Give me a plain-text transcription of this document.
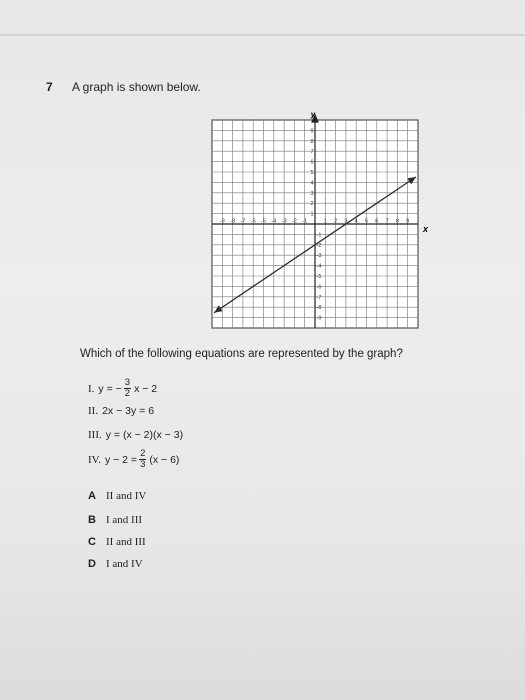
7 A graph is shown below.
-9 -8 -7 -6 -5 -4 -3 -2 -1	1 2 3 4 5 6 7 8 9
9
8
7
6
5
4
3
2
1
-1
-2
-3
-4
-5
-6
-7
-8
-9
y
x
Which of the following equations are represented by the graph?
I. y = − $\frac{3}{2}$ x − 2
II. 2x − 3y = 6
III. y = (x − 2)(x − 3)
IV. $y - 2 = \frac{2}{3} (x - 6)$
A II and IV
B I and III
C II and III
D I and IV
